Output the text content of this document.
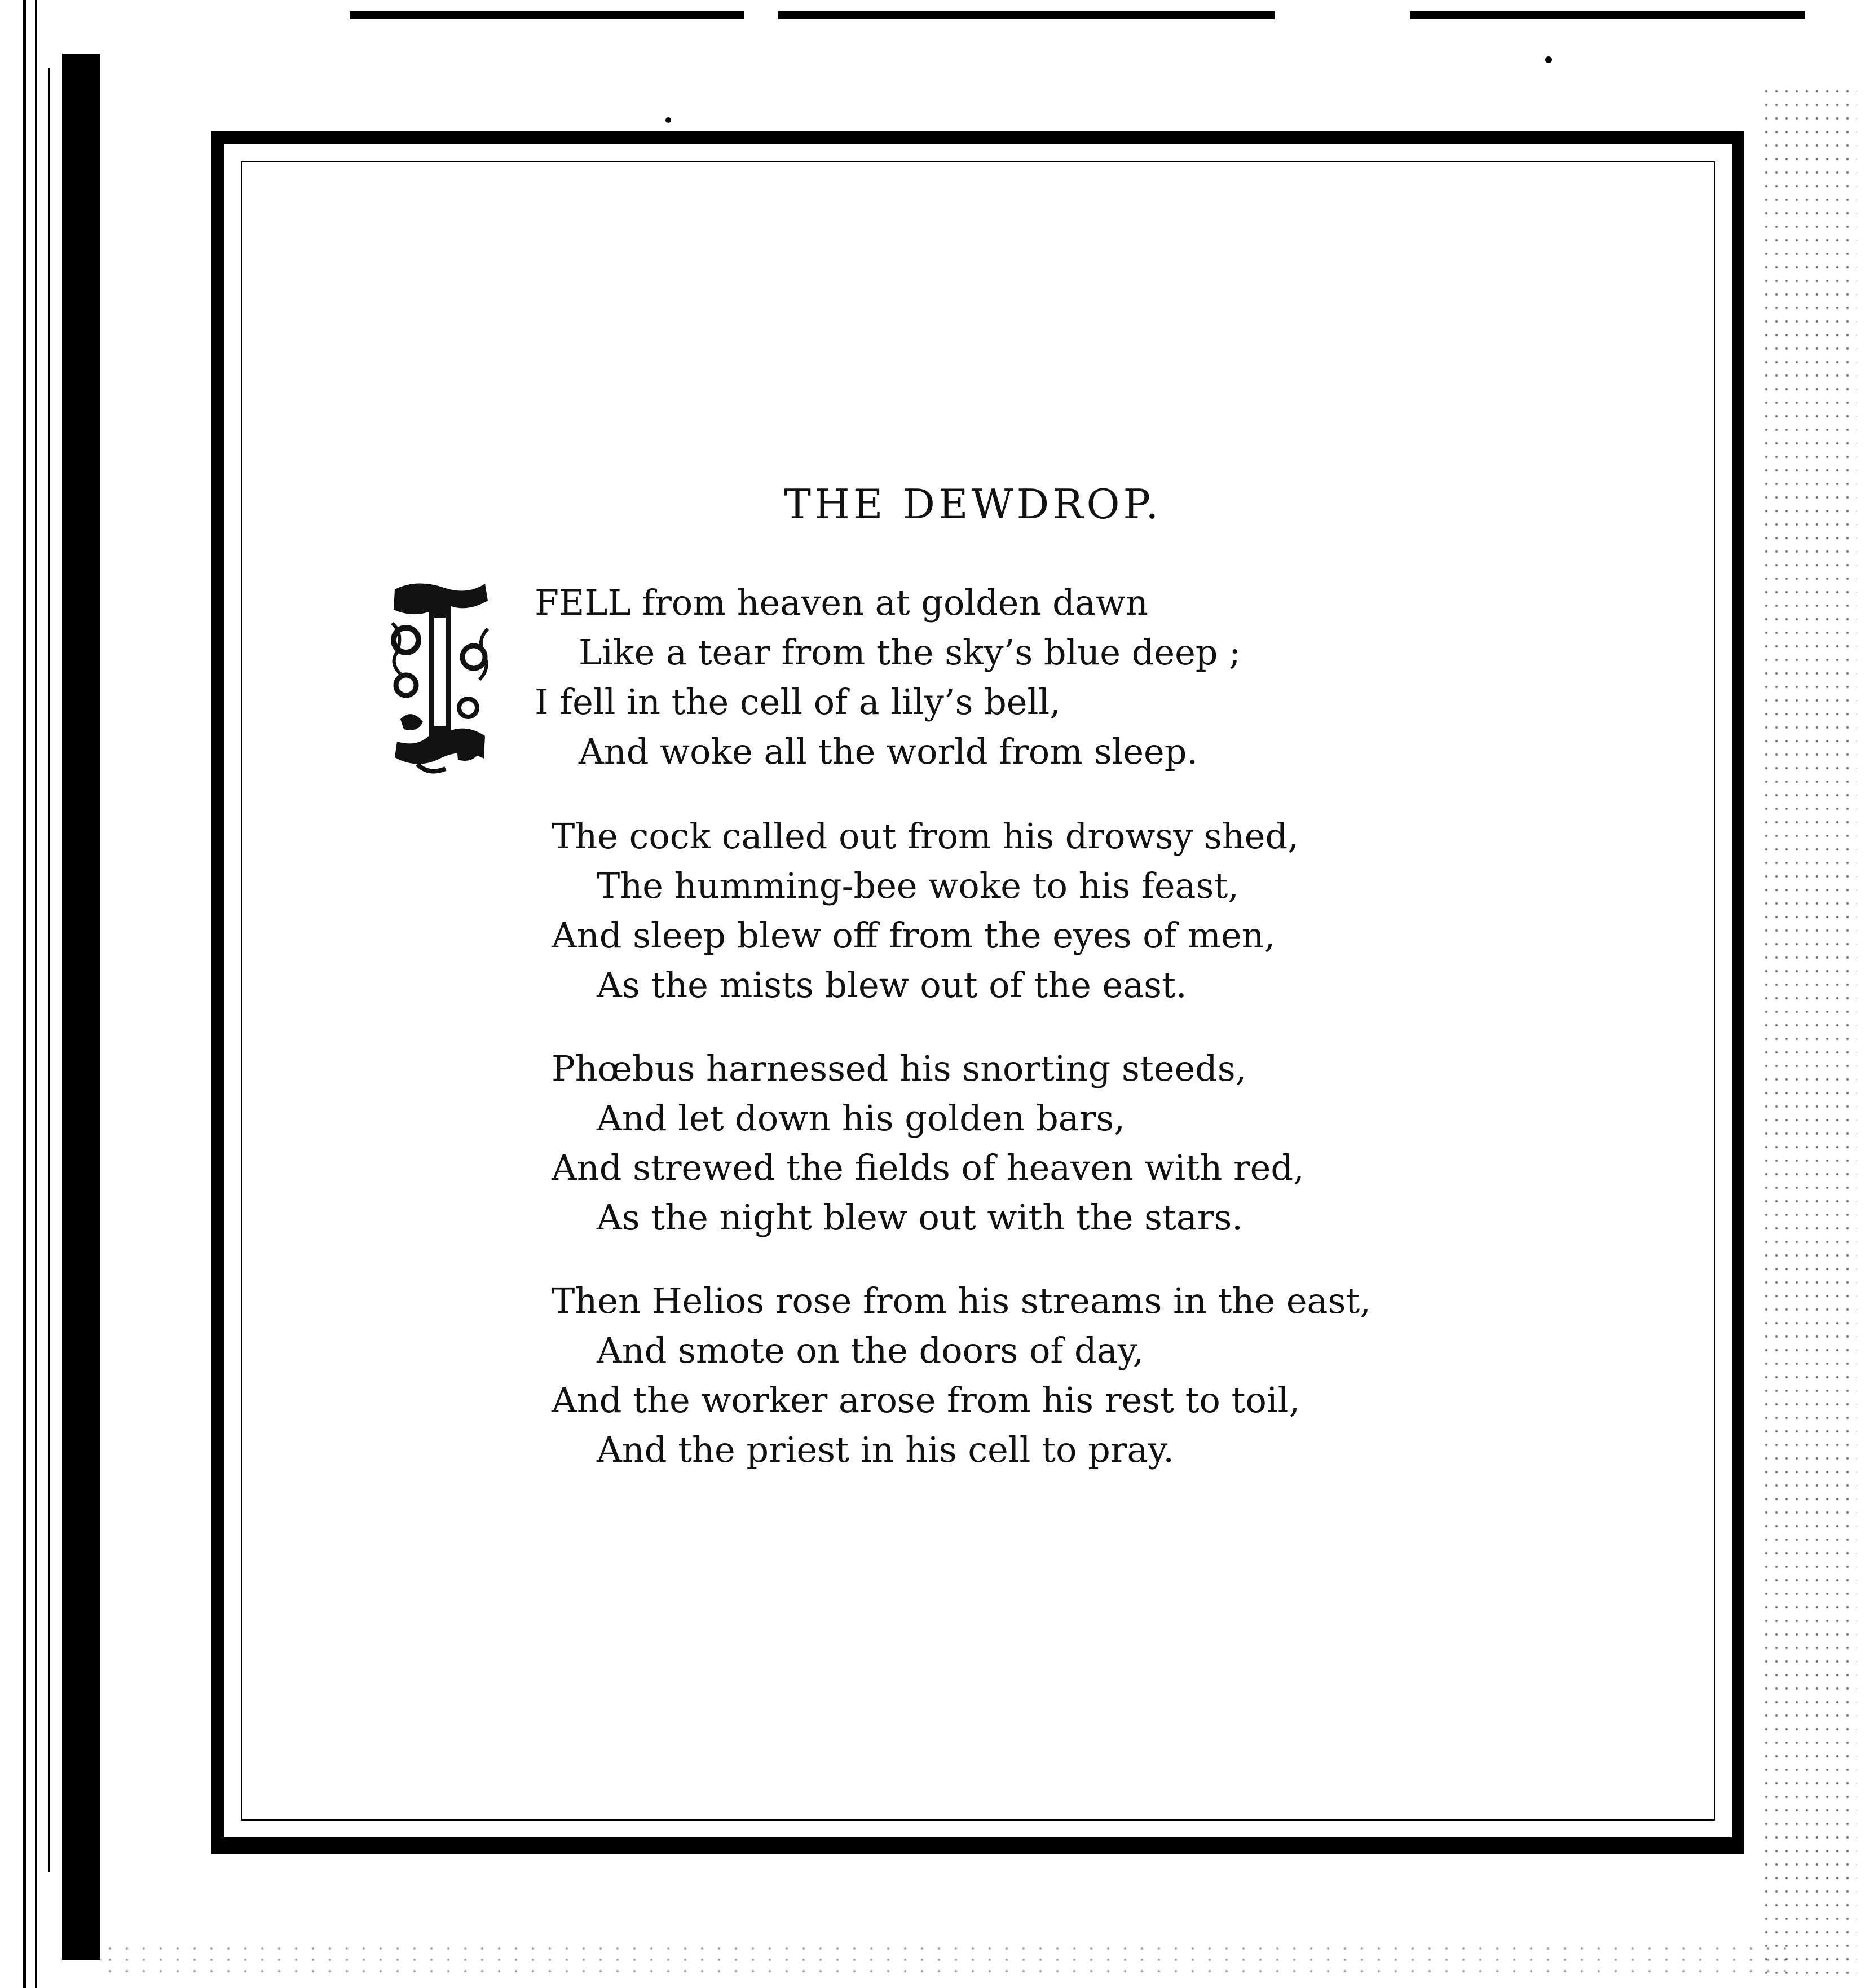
THE DEWDROP.
FELL from heaven at golden dawn
Like a tear from the sky’s blue deep ;
I fell in the cell of a lily’s bell,
And woke all the world from sleep.
The cock called out from his drowsy shed,
The humming-bee woke to his feast,
And sleep blew off from the eyes of men,
As the mists blew out of the east.
Phœbus harnessed his snorting steeds,
And let down his golden bars,
And strewed the fields of heaven with red,
As the night blew out with the stars.
Then Helios rose from his streams in the east,
And smote on the doors of day,
And the worker arose from his rest to toil,
And the priest in his cell to pray.
